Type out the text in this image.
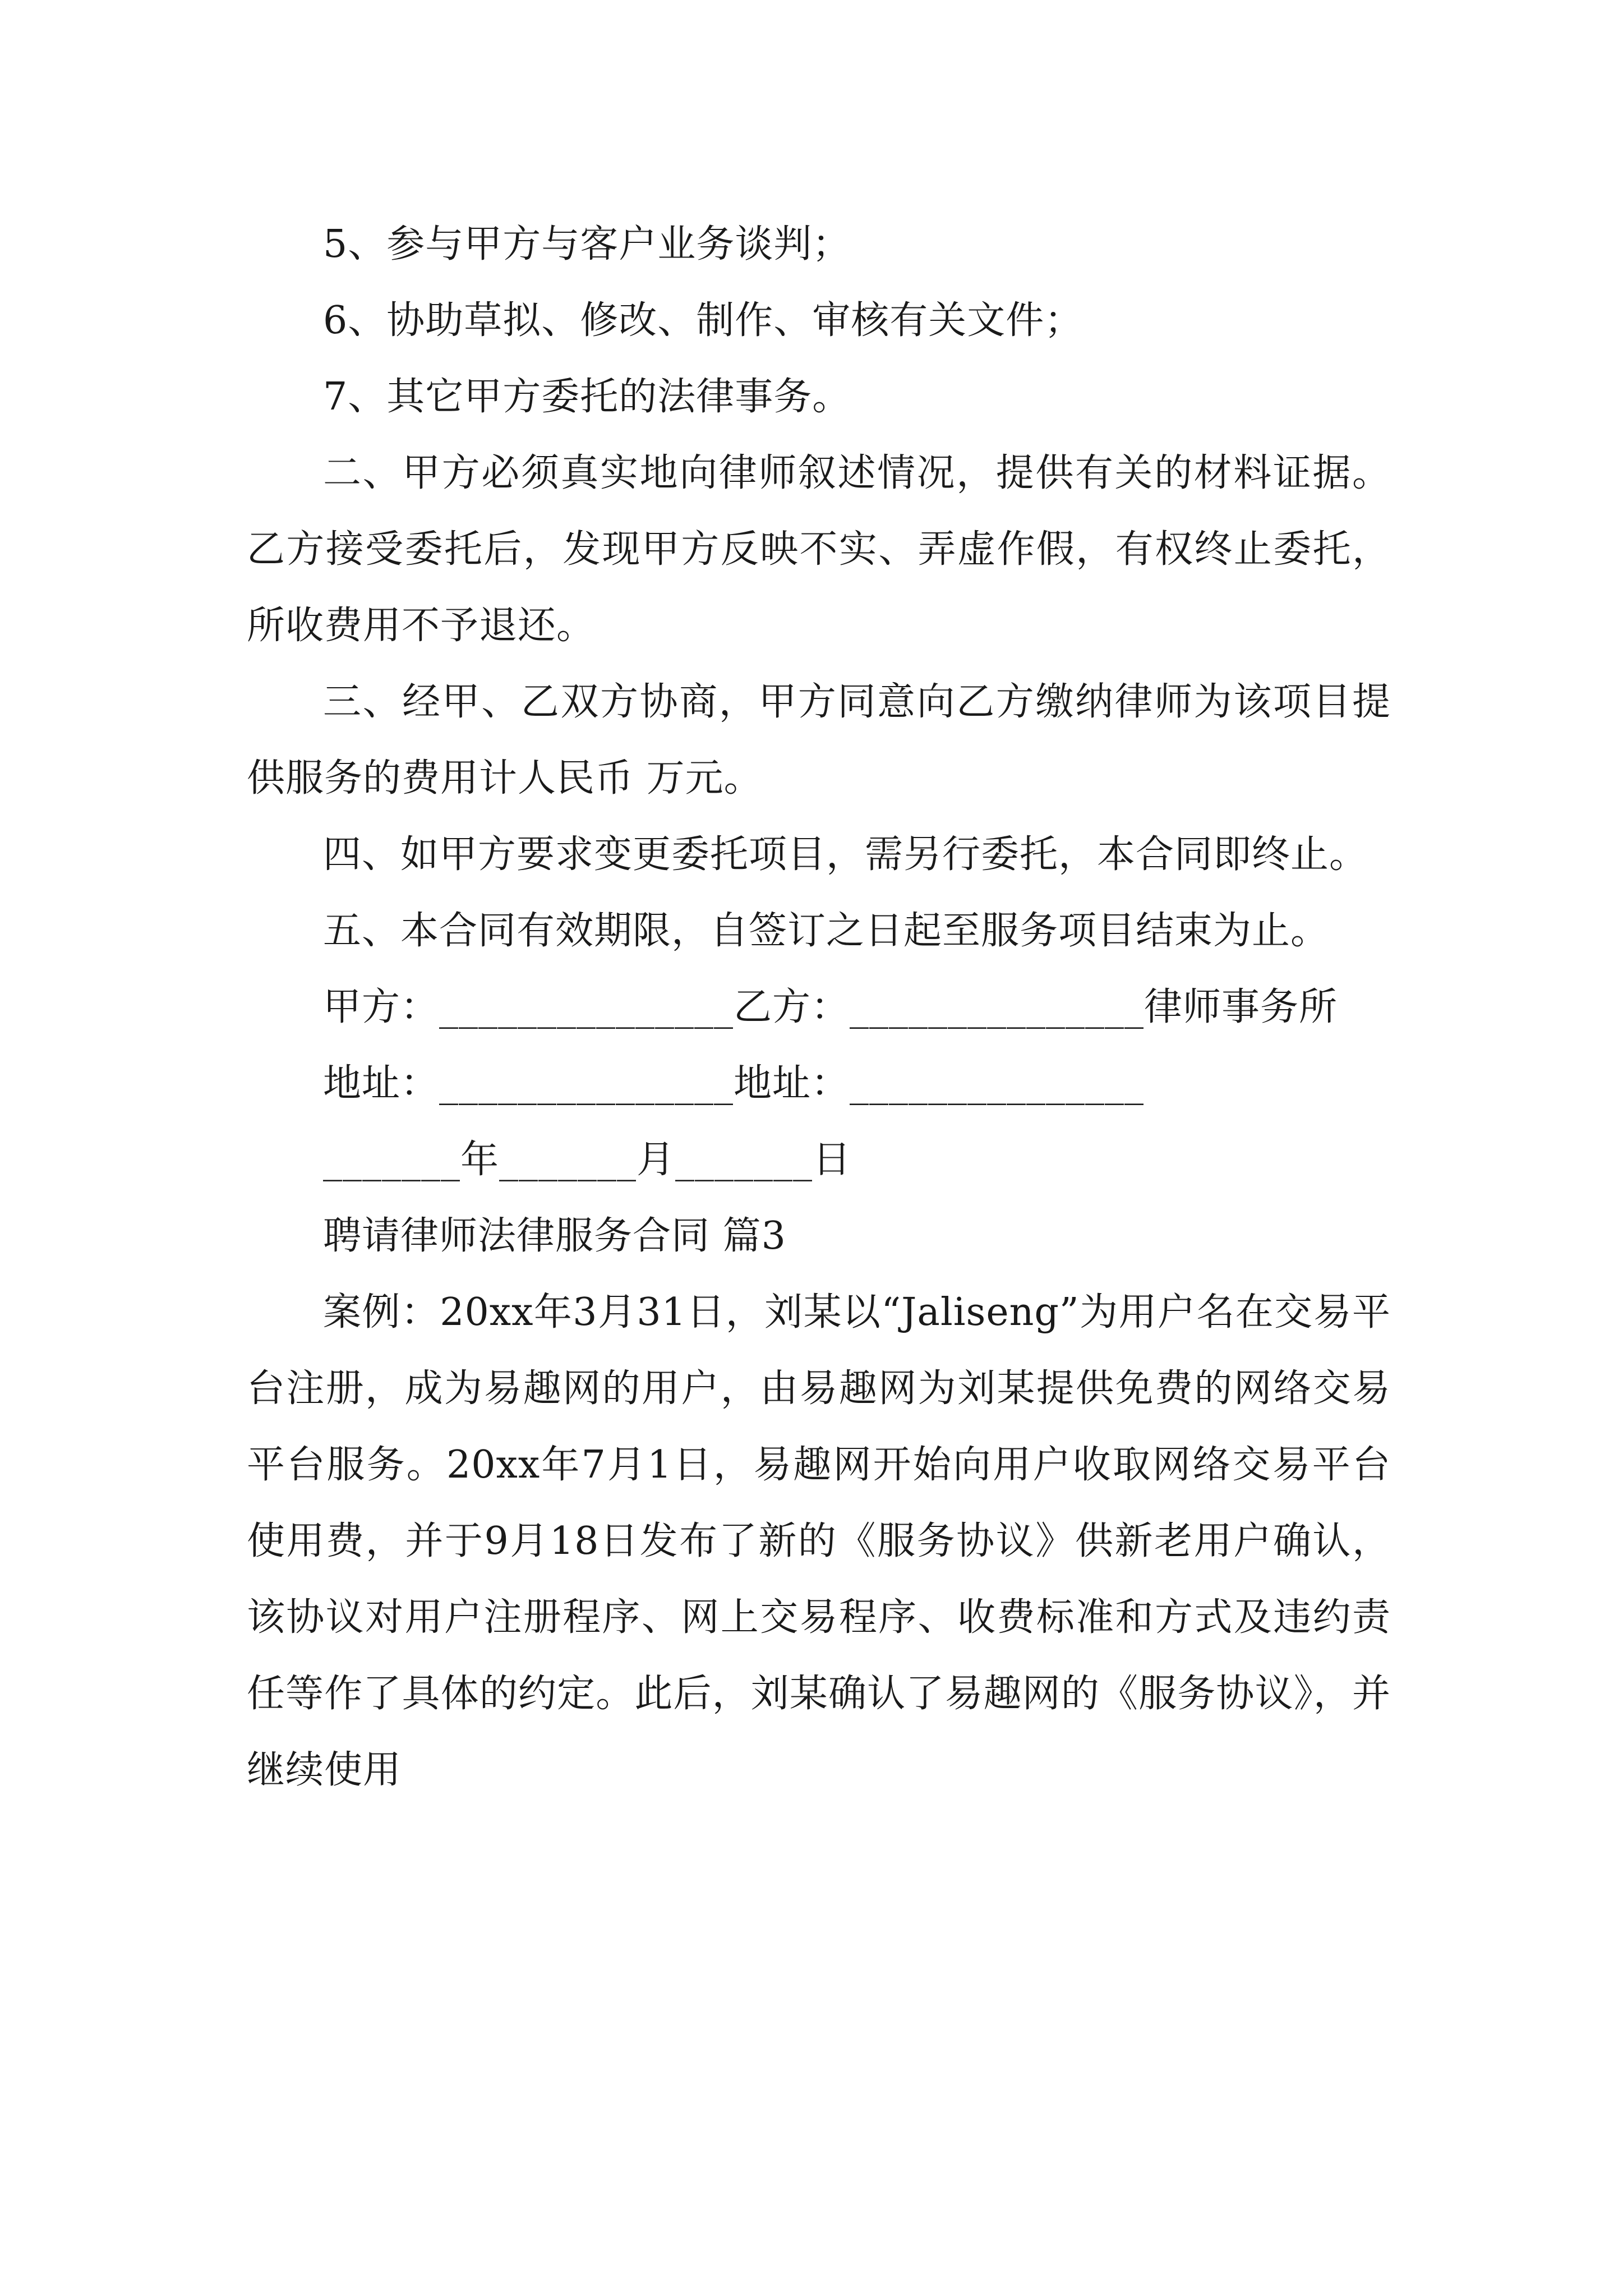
5、参与甲方与客户业务谈判；

6、协助草拟、修改、制作、审核有关文件；

7、其它甲方委托的法律事务。

二、甲方必须真实地向律师叙述情况，提供有关的材料证据。乙方接受委托后，发现甲方反映不实、弄虚作假，有权终止委托，所收费用不予退还。

三、经甲、乙双方协商，甲方同意向乙方缴纳律师为该项目提供服务的费用计人民币 万元。

四、如甲方要求变更委托项目，需另行委托，本合同即终止。

五、本合同有效期限，自签订之日起至服务项目结束为止。

甲方：_______________乙方：_______________律师事务所

地址：_______________地址：_______________

_______年_______月_______日

聘请律师法律服务合同 篇3

案例：20xx年3月31日，刘某以“Jaliseng”为用户名在交易平台注册，成为易趣网的用户，由易趣网为刘某提供免费的网络交易平台服务。20xx年7月1日，易趣网开始向用户收取网络交易平台使用费，并于9月18日发布了新的《服务协议》供新老用户确认，该协议对用户注册程序、网上交易程序、收费标准和方式及违约责任等作了具体的约定。此后，刘某确认了易趣网的《服务协议》，并继续使用
